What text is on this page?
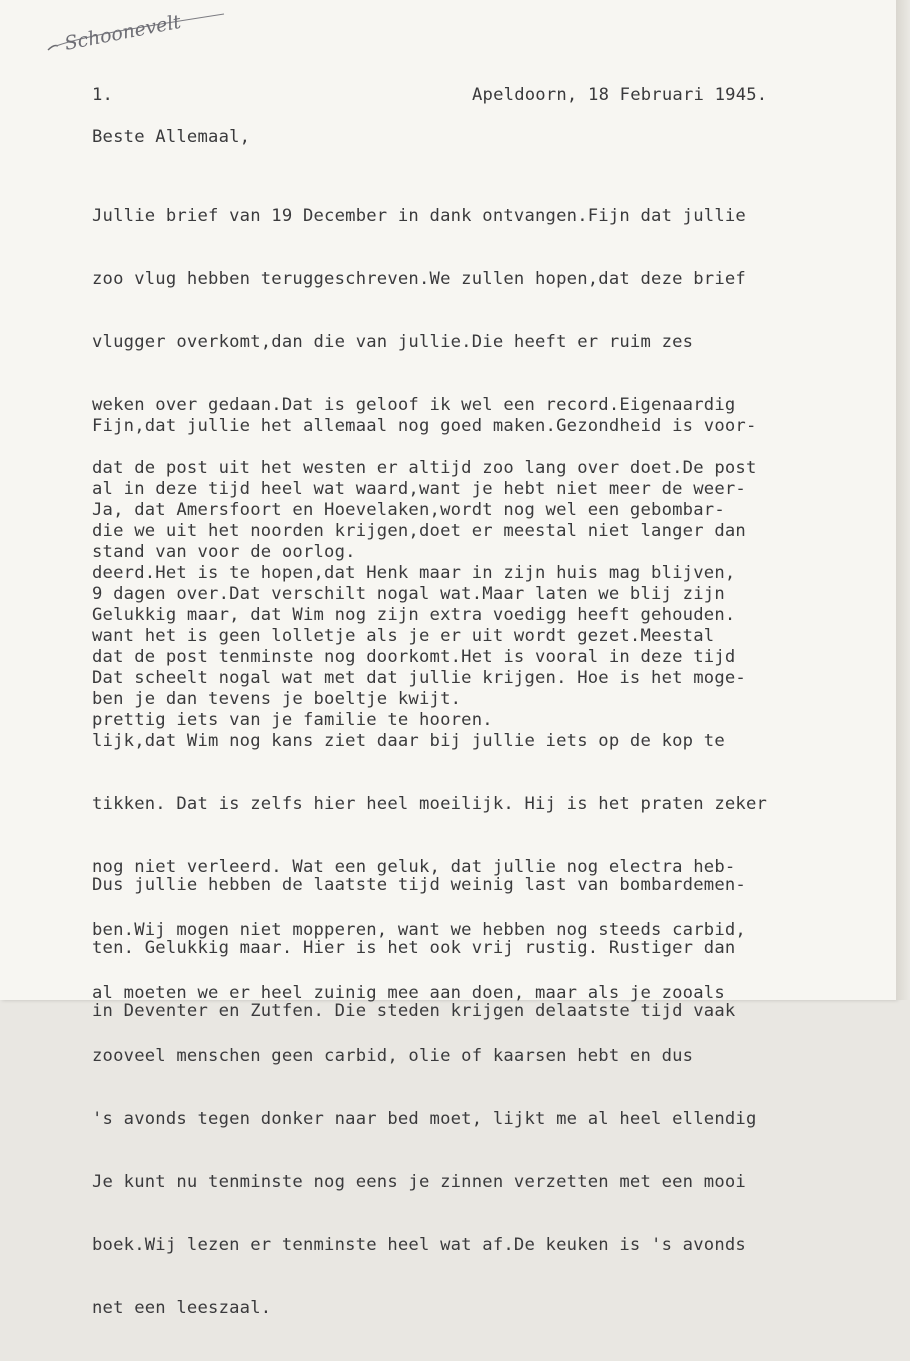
Schoonevelt
1.	Apeldoorn, 18 Februari 1945.
Beste Allemaal,

Jullie brief van 19 December in dank ontvangen.Fijn dat jullie

zoo vlug hebben teruggeschreven.We zullen hopen,dat deze brief

vlugger overkomt,dan die van jullie.Die heeft er ruim zes

weken over gedaan.Dat is geloof ik wel een record.Eigenaardig

dat de post uit het westen er altijd zoo lang over doet.De post

die we uit het noorden krijgen,doet er meestal niet langer dan

9 dagen over.Dat verschilt nogal wat.Maar laten we blij zijn

dat de post tenminste nog doorkomt.Het is vooral in deze tijd

prettig iets van je familie te hooren.

Fijn,dat jullie het allemaal nog goed maken.Gezondheid is voor-

al in deze tijd heel wat waard,want je hebt niet meer de weer-

stand van voor de oorlog.

Ja, dat Amersfoort en Hoevelaken,wordt nog wel een gebombar-

deerd.Het is te hopen,dat Henk maar in zijn huis mag blijven,

want het is geen lolletje als je er uit wordt gezet.Meestal

ben je dan tevens je boeltje kwijt.

Gelukkig maar, dat Wim nog zijn extra voedigg heeft gehouden.

Dat scheelt nogal wat met dat jullie krijgen. Hoe is het moge-

lijk,dat Wim nog kans ziet daar bij jullie iets op de kop te

tikken. Dat is zelfs hier heel moeilijk. Hij is het praten zeker

nog niet verleerd. Wat een geluk, dat jullie nog electra heb-

ben.Wij mogen niet mopperen, want we hebben nog steeds carbid,

al moeten we er heel zuinig mee aan doen, maar als je zooals

zooveel menschen geen carbid, olie of kaarsen hebt en dus

's avonds tegen donker naar bed moet, lijkt me al heel ellendig

Je kunt nu tenminste nog eens je zinnen verzetten met een mooi

boek.Wij lezen er tenminste heel wat af.De keuken is 's avonds

net een leeszaal.

Dus jullie hebben de laatste tijd weinig last van bombardemen-

ten. Gelukkig maar. Hier is het ook vrij rustig. Rustiger dan

in Deventer en Zutfen. Die steden krijgen delaatste tijd vaak
